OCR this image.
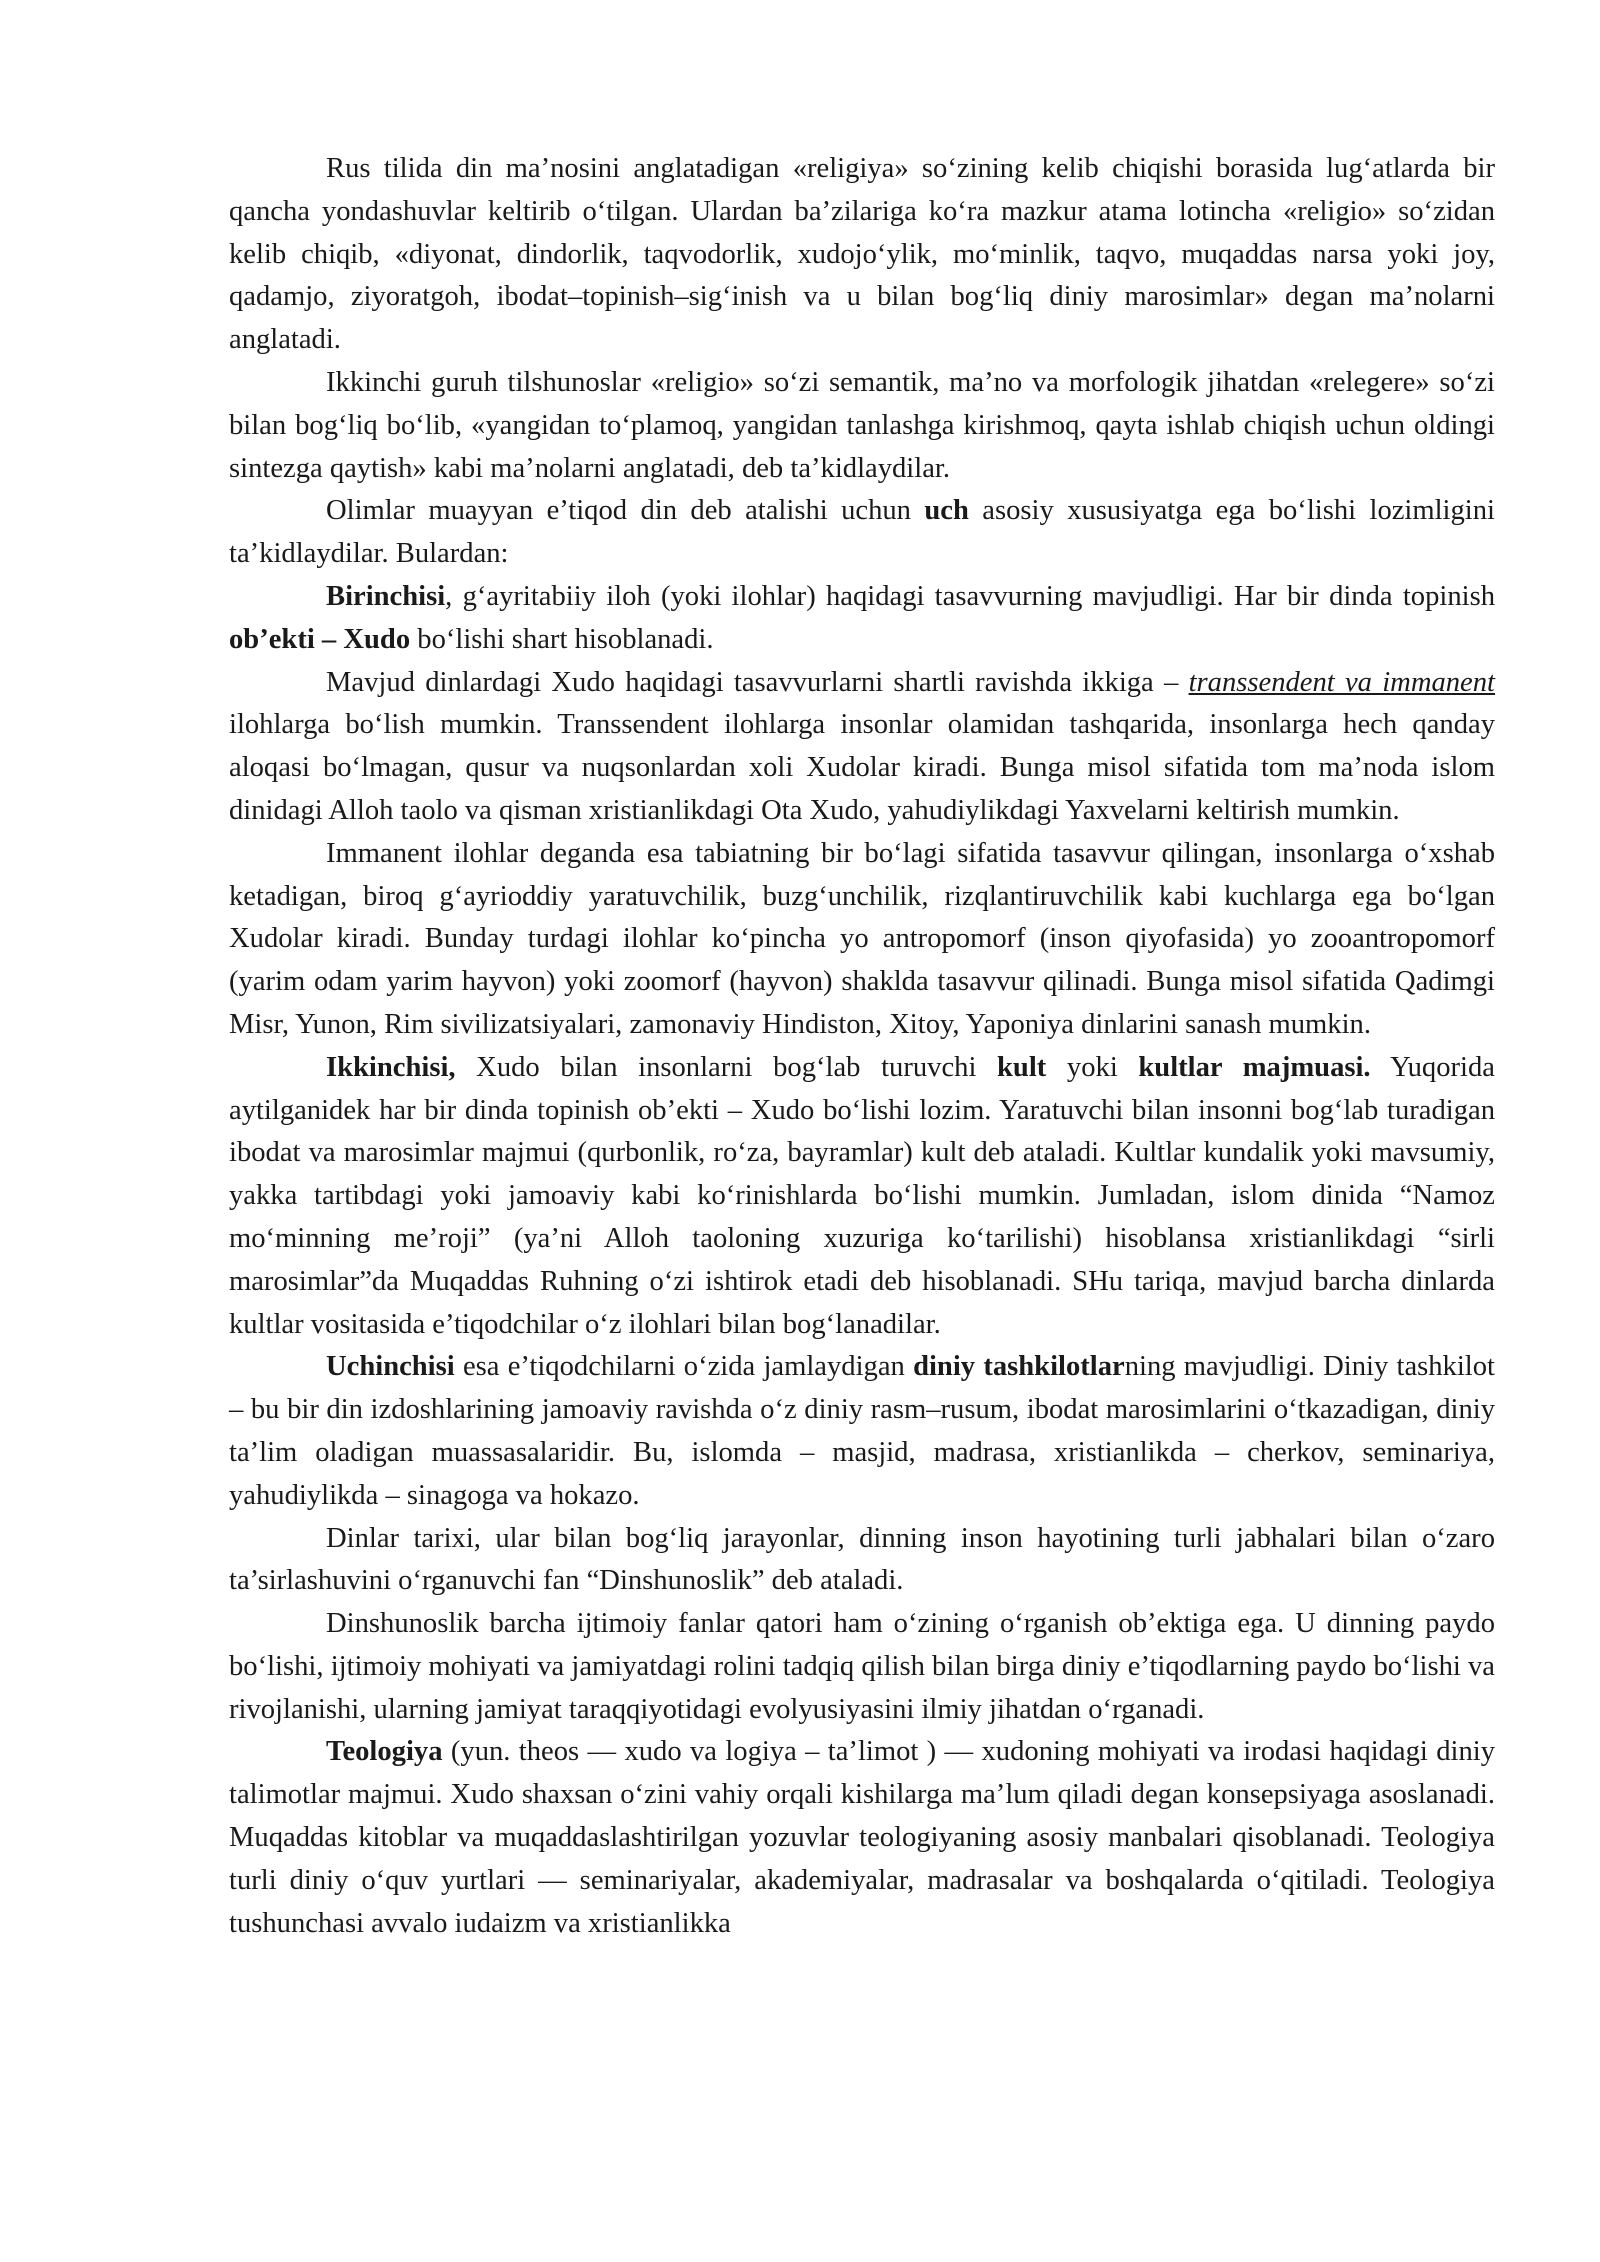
Rus tilida din ma’nosini anglatadigan «religiya» so‘zining kelib chiqishi borasida lug‘atlarda bir qancha yondashuvlar keltirib o‘tilgan. Ulardan ba’zilariga ko‘ra mazkur atama lotincha «religio» so‘zidan kelib chiqib, «diyonat, dindorlik, taqvodorlik, xudojo‘ylik, mo‘minlik, taqvo, muqaddas narsa yoki joy, qadamjo, ziyoratgoh, ibodat–topinish–sig‘inish va u bilan bog‘liq diniy marosimlar» degan ma’nolarni anglatadi.

Ikkinchi guruh tilshunoslar «religio» so‘zi semantik, ma’no va morfologik jihatdan «relegere» so‘zi bilan bog‘liq bo‘lib, «yangidan to‘plamoq, yangidan tanlashga kirishmoq, qayta ishlab chiqish uchun oldingi sintezga qaytish» kabi ma’nolarni anglatadi, deb ta’kidlaydilar.

Olimlar muayyan e’tiqod din deb atalishi uchun uch asosiy xususiyatga ega bo‘lishi lozimligini ta’kidlaydilar. Bulardan:

Birinchisi, g‘ayritabiiy iloh (yoki ilohlar) haqidagi tasavvurning mavjudligi. Har bir dinda topinish ob’ekti – Xudo bo‘lishi shart hisoblanadi.

Mavjud dinlardagi Xudo haqidagi tasavvurlarni shartli ravishda ikkiga – transsendent va immanent ilohlarga bo‘lish mumkin. Transsendent ilohlarga insonlar olamidan tashqarida, insonlarga hech qanday aloqasi bo‘lmagan, qusur va nuqsonlardan xoli Xudolar kiradi. Bunga misol sifatida tom ma’noda islom dinidagi Alloh taolo va qisman xristianlikdagi Ota Xudo, yahudiylikdagi Yaxvelarni keltirish mumkin.

Immanent ilohlar deganda esa tabiatning bir bo‘lagi sifatida tasavvur qilingan, insonlarga o‘xshab ketadigan, biroq g‘ayrioddiy yaratuvchilik, buzg‘unchilik, rizqlantiruvchilik kabi kuchlarga ega bo‘lgan Xudolar kiradi. Bunday turdagi ilohlar ko‘pincha yo antropomorf (inson qiyofasida) yo zooantropomorf (yarim odam yarim hayvon) yoki zoomorf (hayvon) shaklda tasavvur qilinadi. Bunga misol sifatida Qadimgi Misr, Yunon, Rim sivilizatsiyalari, zamonaviy Hindiston, Xitoy, Yaponiya dinlarini sanash mumkin.

Ikkinchisi, Xudo bilan insonlarni bog‘lab turuvchi kult yoki kultlar majmuasi. Yuqorida aytilganidek har bir dinda topinish ob’ekti – Xudo bo‘lishi lozim. Yaratuvchi bilan insonni bog‘lab turadigan ibodat va marosimlar majmui (qurbonlik, ro‘za, bayramlar) kult deb ataladi. Kultlar kundalik yoki mavsumiy, yakka tartibdagi yoki jamoaviy kabi ko‘rinishlarda bo‘lishi mumkin. Jumladan, islom dinida “Namoz mo‘minning me’roji” (ya’ni Alloh taoloning xuzuriga ko‘tarilishi) hisoblansa xristianlikdagi “sirli marosimlar”da Muqaddas Ruhning o‘zi ishtirok etadi deb hisoblanadi. SHu tariqa, mavjud barcha dinlarda kultlar vositasida e’tiqodchilar o‘z ilohlari bilan bog‘lanadilar.

Uchinchisi esa e’tiqodchilarni o‘zida jamlaydigan diniy tashkilotlarning mavjudligi. Diniy tashkilot – bu bir din izdoshlarining jamoaviy ravishda o‘z diniy rasm–rusum, ibodat marosimlarini o‘tkazadigan, diniy ta’lim oladigan muassasalaridir. Bu, islomda – masjid, madrasa, xristianlikda – cherkov, seminariya, yahudiylikda – sinagoga va hokazo.

Dinlar tarixi, ular bilan bog‘liq jarayonlar, dinning inson hayotining turli jabhalari bilan o‘zaro ta’sirlashuvini o‘rganuvchi fan “Dinshunoslik” deb ataladi.

Dinshunoslik barcha ijtimoiy fanlar qatori ham o‘zining o‘rganish ob’ektiga ega. U dinning paydo bo‘lishi, ijtimoiy mohiyati va jamiyatdagi rolini tadqiq qilish bilan birga diniy e’tiqodlarning paydo bo‘lishi va rivojlanishi, ularning jamiyat taraqqiyotidagi evolyusiyasini ilmiy jihatdan o‘rganadi.

Teologiya (yun. theos — xudo va logiya – ta’limot ) — xudoning mohiyati va irodasi haqidagi diniy talimotlar majmui. Xudo shaxsan o‘zini vahiy orqali kishilarga ma’lum qiladi degan konsepsiyaga asoslanadi. Muqaddas kitoblar va muqaddaslashtirilgan yozuvlar teologiyaning asosiy manbalari qisoblanadi. Teologiya turli diniy o‘quv yurtlari — seminariyalar, akademiyalar, madrasalar va boshqalarda o‘qitiladi. Teologiya tushunchasi avvalo iudaizm va xristianlikka
